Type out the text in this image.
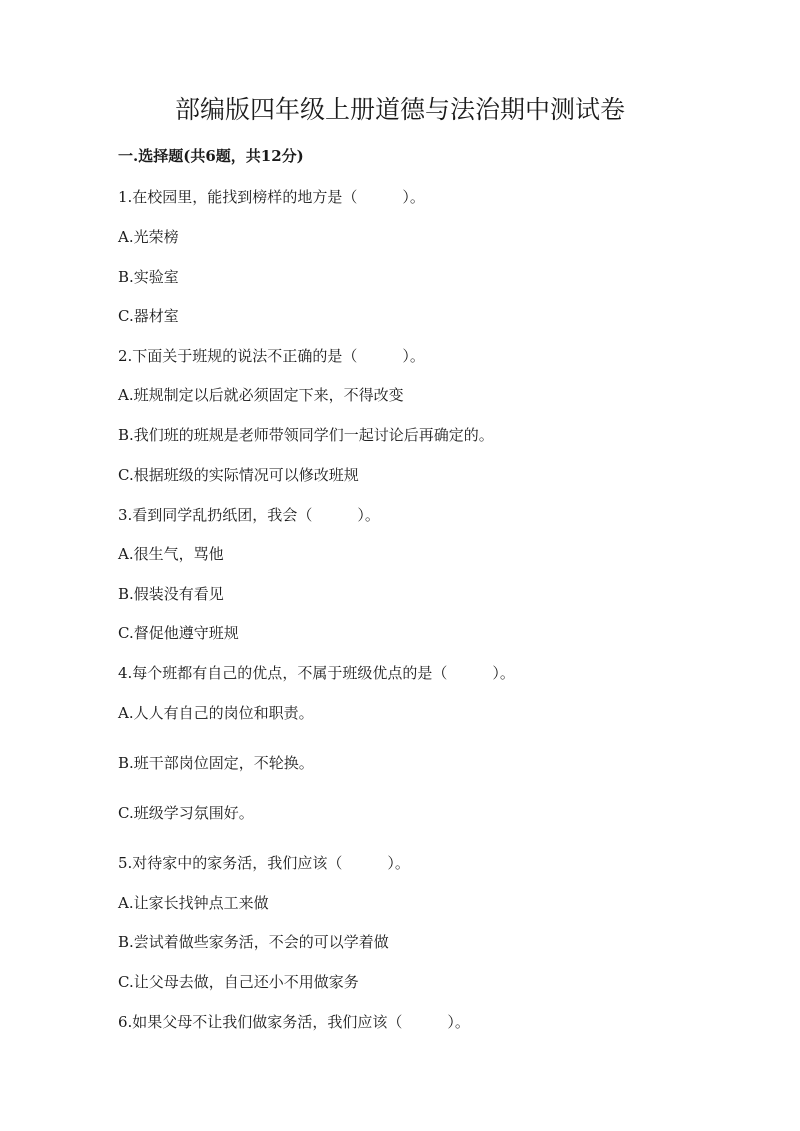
部编版四年级上册道德与法治期中测试卷
一.选择题(共6题，共12分)
1.在校园里，能找到榜样的地方是（　　　）。
A.光荣榜
B.实验室
C.器材室
2.下面关于班规的说法不正确的是（　　　）。
A.班规制定以后就必须固定下来，不得改变
B.我们班的班规是老师带领同学们一起讨论后再确定的。
C.根据班级的实际情况可以修改班规
3.看到同学乱扔纸团，我会（　　　）。
A.很生气，骂他
B.假装没有看见
C.督促他遵守班规
4.每个班都有自己的优点，不属于班级优点的是（　　　）。
A.人人有自己的岗位和职责。
B.班干部岗位固定，不轮换。
C.班级学习氛围好。
5.对待家中的家务活，我们应该（　　　）。
A.让家长找钟点工来做
B.尝试着做些家务活，不会的可以学着做
C.让父母去做，自己还小不用做家务
6.如果父母不让我们做家务活，我们应该（　　　）。
